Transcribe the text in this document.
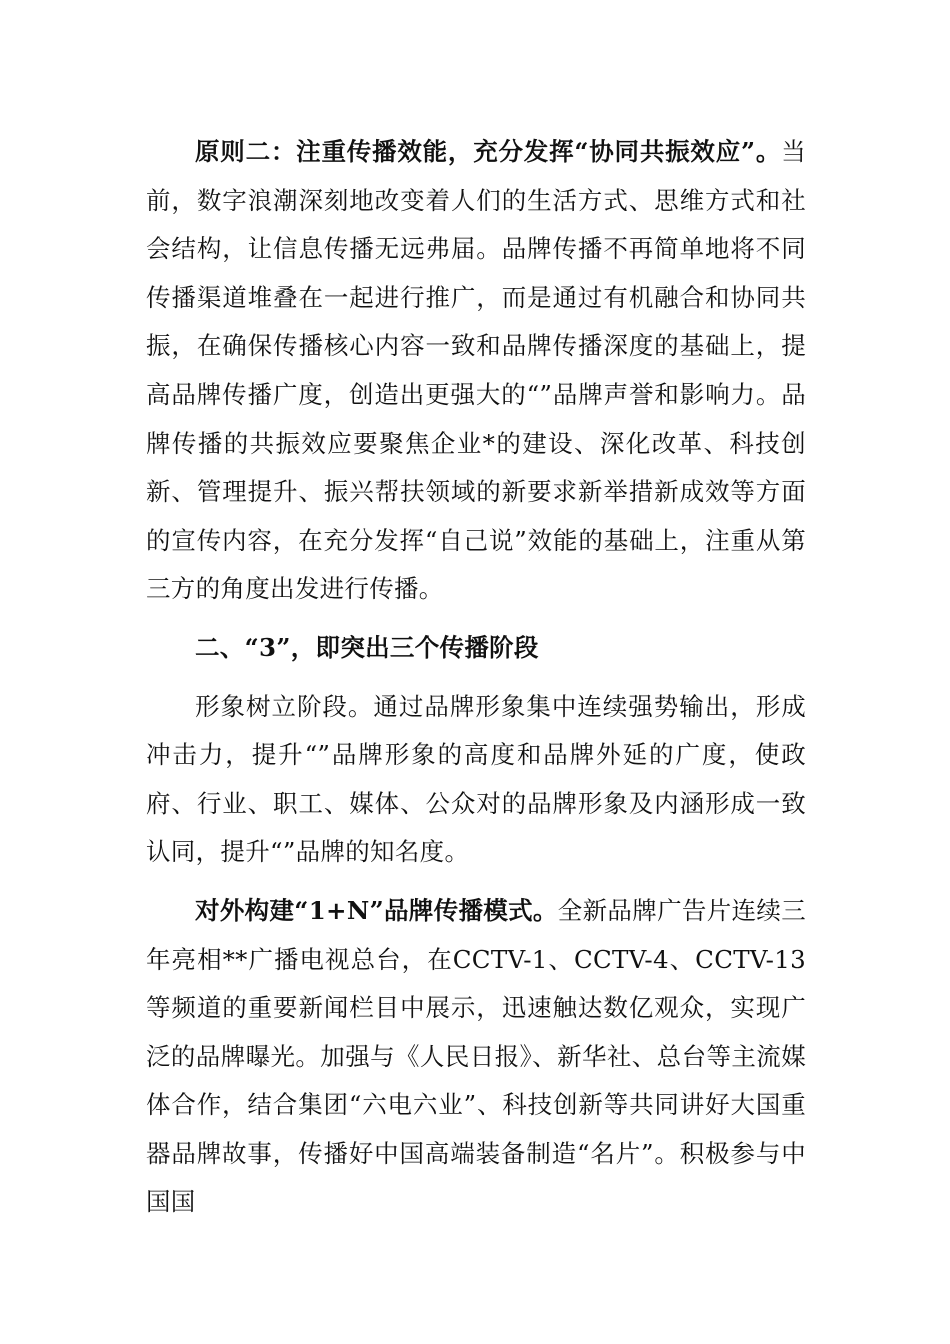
原则二：注重传播效能，充分发挥“协同共振效应”。当前，数字浪潮深刻地改变着人们的生活方式、思维方式和社会结构，让信息传播无远弗届。品牌传播不再简单地将不同传播渠道堆叠在一起进行推广，而是通过有机融合和协同共振，在确保传播核心内容一致和品牌传播深度的基础上，提高品牌传播广度，创造出更强大的“”品牌声誉和影响力。品牌传播的共振效应要聚焦企业*的建设、深化改革、科技创新、管理提升、振兴帮扶领域的新要求新举措新成效等方面的宣传内容，在充分发挥“自己说”效能的基础上，注重从第三方的角度出发进行传播。

二、“3”，即突出三个传播阶段

形象树立阶段。通过品牌形象集中连续强势输出，形成冲击力，提升“”品牌形象的高度和品牌外延的广度，使政府、行业、职工、媒体、公众对的品牌形象及内涵形成一致认同，提升“”品牌的知名度。

对外构建“1+N”品牌传播模式。全新品牌广告片连续三年亮相**广播电视总台，在CCTV-1、CCTV-4、CCTV-13等频道的重要新闻栏目中展示，迅速触达数亿观众，实现广泛的品牌曝光。加强与《人民日报》、新华社、总台等主流媒体合作，结合集团“六电六业”、科技创新等共同讲好大国重器品牌故事，传播好中国高端装备制造“名片”。积极参与中国国
